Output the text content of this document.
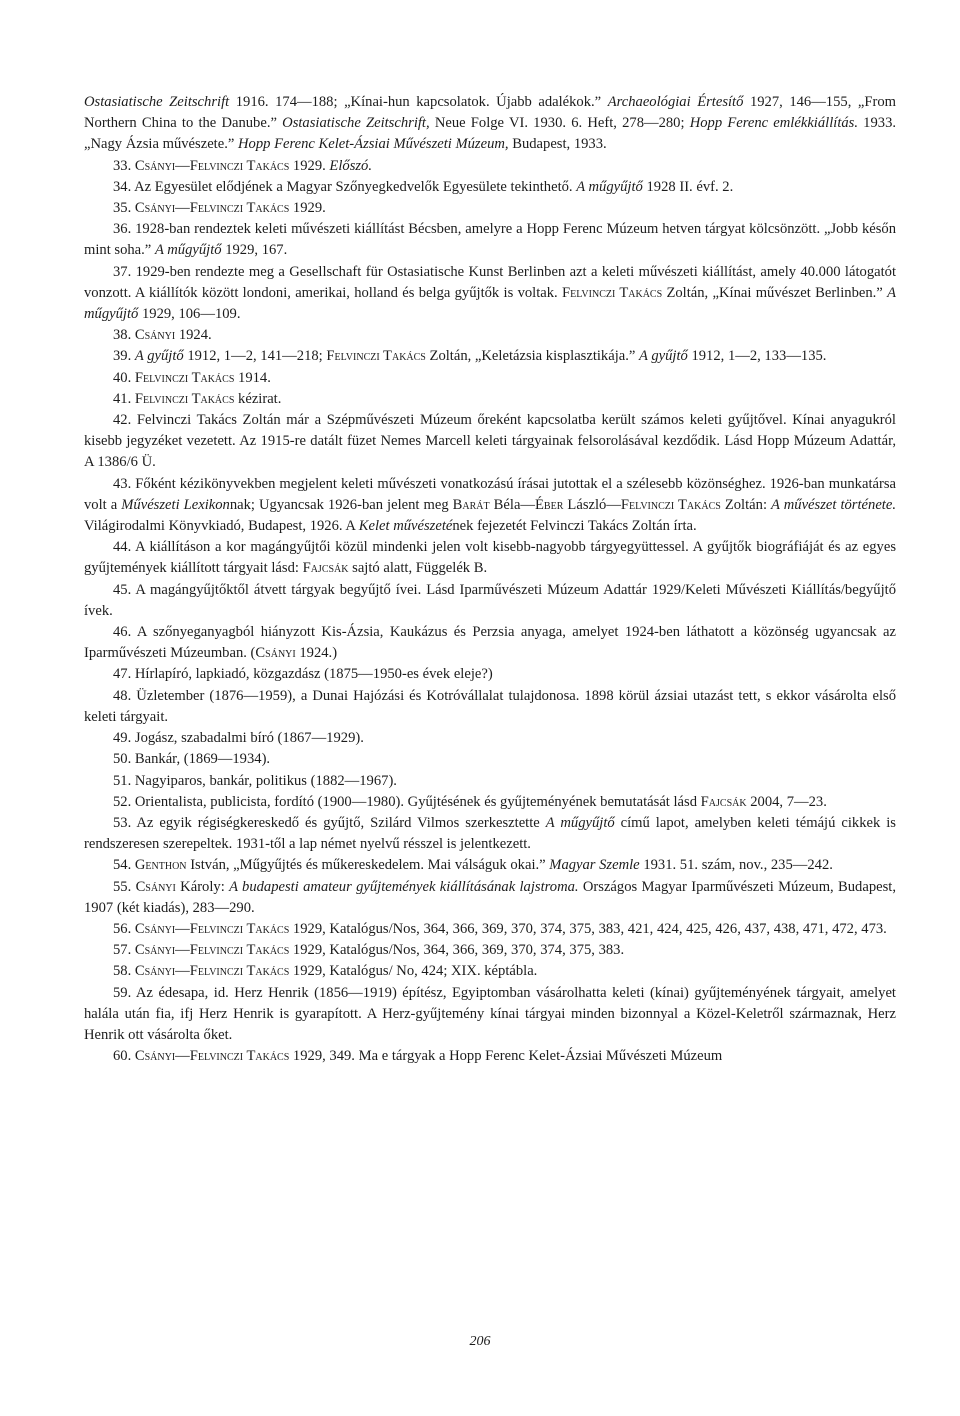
Ostasiatische Zeitschrift 1916. 174—188; „Kínai-hun kapcsolatok. Újabb adalékok.” Archaeológiai Értesítő 1927, 146—155, „From Northern China to the Danube.” Ostasiatische Zeitschrift, Neue Folge VI. 1930. 6. Heft, 278—280; Hopp Ferenc emlékkiállítás. 1933. „Nagy Ázsia művészete.” Hopp Ferenc Kelet-Ázsiai Művészeti Múzeum, Budapest, 1933.

33. Csányi—Felvinczi Takács 1929. Előszó.

34. Az Egyesület elődjének a Magyar Szőnyegkedvelők Egyesülete tekinthető. A műgyűjtő 1928 II. évf. 2.

35. Csányi—Felvinczi Takács 1929.

36. 1928-ban rendeztek keleti művészeti kiállítást Bécsben, amelyre a Hopp Ferenc Múzeum hetven tárgyat kölcsönzött. „Jobb későn mint soha.” A műgyűjtő 1929, 167.

37. 1929-ben rendezte meg a Gesellschaft für Ostasiatische Kunst Berlinben azt a keleti művészeti kiállítást, amely 40.000 látogatót vonzott. A kiállítók között londoni, amerikai, holland és belga gyűjtők is voltak. Felvinczi Takács Zoltán, „Kínai művészet Berlinben.” A műgyűjtő 1929, 106—109.

38. Csányi 1924.

39. A gyűjtő 1912, 1—2, 141—218; Felvinczi Takács Zoltán, „Keletázsia kisplasztikája.” A gyűjtő 1912, 1—2, 133—135.

40. Felvinczi Takács 1914.

41. Felvinczi Takács kézirat.

42. Felvinczi Takács Zoltán már a Szépművészeti Múzeum őreként kapcsolatba került számos keleti gyűjtővel. Kínai anyagukról kisebb jegyzéket vezetett. Az 1915-re datált füzet Nemes Marcell keleti tárgyainak felsorolásával kezdődik. Lásd Hopp Múzeum Adattár, A 1386/6 Ü.

43. Főként kézikönyvekben megjelent keleti művészeti vonatkozású írásai jutottak el a szélesebb közönséghez. 1926-ban munkatársa volt a Művészeti Lexikonnak; Ugyancsak 1926-ban jelent meg Barát Béla—Éber László—Felvinczi Takács Zoltán: A művészet története. Világirodalmi Könyvkiadó, Budapest, 1926. A Kelet művészetének fejezetét Felvinczi Takács Zoltán írta.

44. A kiállításon a kor magángyűjtői közül mindenki jelen volt kisebb-nagyobb tárgyegyüttessel. A gyűjtők biográfiáját és az egyes gyűjtemények kiállított tárgyait lásd: Fajcsák sajtó alatt, Függelék B.

45. A magángyűjtőktől átvett tárgyak begyűjtő ívei. Lásd Iparművészeti Múzeum Adattár 1929/Keleti Művészeti Kiállítás/begyűjtő ívek.

46. A szőnyeganyagból hiányzott Kis-Ázsia, Kaukázus és Perzsia anyaga, amelyet 1924-ben láthatott a közönség ugyancsak az Iparművészeti Múzeumban. (Csányi 1924.)

47. Hírlapíró, lapkiadó, közgazdász (1875—1950-es évek eleje?)

48. Üzletember (1876—1959), a Dunai Hajózási és Kotróvállalat tulajdonosa. 1898 körül ázsiai utazást tett, s ekkor vásárolta első keleti tárgyait.

49. Jogász, szabadalmi bíró (1867—1929).

50. Bankár, (1869—1934).

51. Nagyiparos, bankár, politikus (1882—1967).

52. Orientalista, publicista, fordító (1900—1980). Gyűjtésének és gyűjteményének bemutatását lásd Fajcsák 2004, 7—23.

53. Az egyik régiségkereskedő és gyűjtő, Szilárd Vilmos szerkesztette A műgyűjtő című lapot, amelyben keleti témájú cikkek is rendszeresen szerepeltek. 1931-től a lap német nyelvű résszel is jelentkezett.

54. Genthon István, „Műgyűjtés és műkereskedelem. Mai válságuk okai.” Magyar Szemle 1931. 51. szám, nov., 235—242.

55. Csányi Károly: A budapesti amateur gyűjtemények kiállításának lajstroma. Országos Magyar Iparművészeti Múzeum, Budapest, 1907 (két kiadás), 283—290.

56. Csányi—Felvinczi Takács 1929, Katalógus/Nos, 364, 366, 369, 370, 374, 375, 383, 421, 424, 425, 426, 437, 438, 471, 472, 473.

57. Csányi—Felvinczi Takács 1929, Katalógus/Nos, 364, 366, 369, 370, 374, 375, 383.

58. Csányi—Felvinczi Takács 1929, Katalógus/ No, 424; XIX. képtábla.

59. Az édesapa, id. Herz Henrik (1856—1919) építész, Egyiptomban vásárolhatta keleti (kínai) gyűjteményének tárgyait, amelyet halála után fia, ifj Herz Henrik is gyarapított. A Herz-gyűjtemény kínai tárgyai minden bizonnyal a Közel-Keletről származnak, Herz Henrik ott vásárolta őket.

60. Csányi—Felvinczi Takács 1929, 349. Ma e tárgyak a Hopp Ferenc Kelet-Ázsiai Művészeti Múzeum

206
